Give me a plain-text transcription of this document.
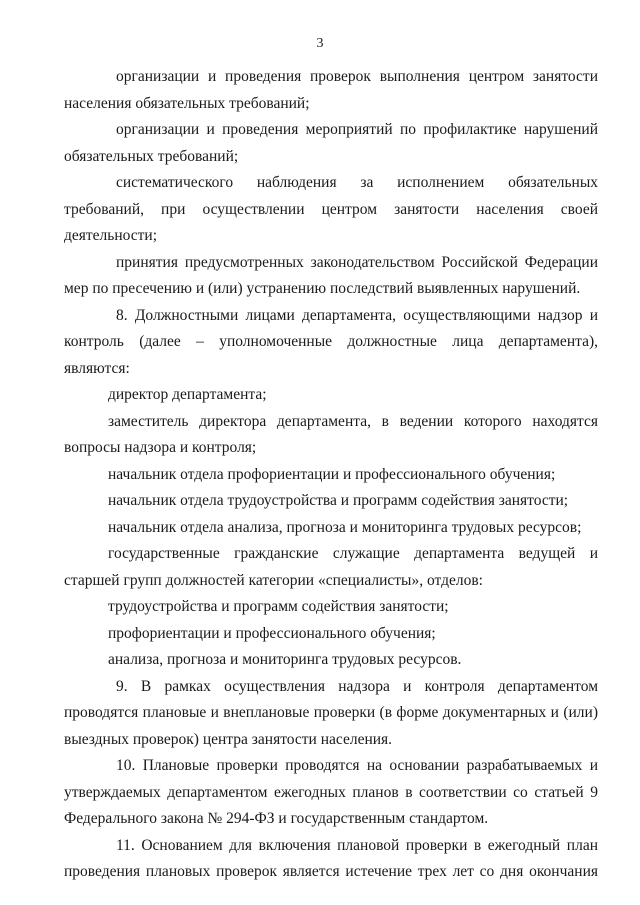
3

организации и проведения проверок выполнения центром занятости населения обязательных требований;

организации и проведения мероприятий по профилактике нарушений обязательных требований;

систематического наблюдения за исполнением обязательных требований, при осуществлении центром занятости населения своей деятельности;

принятия предусмотренных законодательством Российской Федерации мер по пресечению и (или) устранению последствий выявленных нарушений.

8. Должностными лицами департамента, осуществляющими надзор и контроль (далее – уполномоченные должностные лица департамента), являются:

директор департамента;

заместитель директора департамента, в ведении которого находятся вопросы надзора и контроля;

начальник отдела профориентации и профессионального обучения;

начальник отдела трудоустройства и программ содействия занятости;

начальник отдела анализа, прогноза и мониторинга трудовых ресурсов;

государственные гражданские служащие департамента ведущей и старшей групп должностей категории «специалисты», отделов:

трудоустройства и программ содействия занятости;

профориентации и профессионального обучения;

анализа, прогноза и мониторинга трудовых ресурсов.

9. В рамках осуществления надзора и контроля департаментом проводятся плановые и внеплановые проверки (в форме документарных и (или) выездных проверок) центра занятости населения.

10. Плановые проверки проводятся на основании разрабатываемых и утверждаемых департаментом ежегодных планов в соответствии со статьей 9 Федерального закона № 294-ФЗ и государственным стандартом.

11. Основанием для включения плановой проверки в ежегодный план проведения плановых проверок является истечение трех лет со дня окончания
